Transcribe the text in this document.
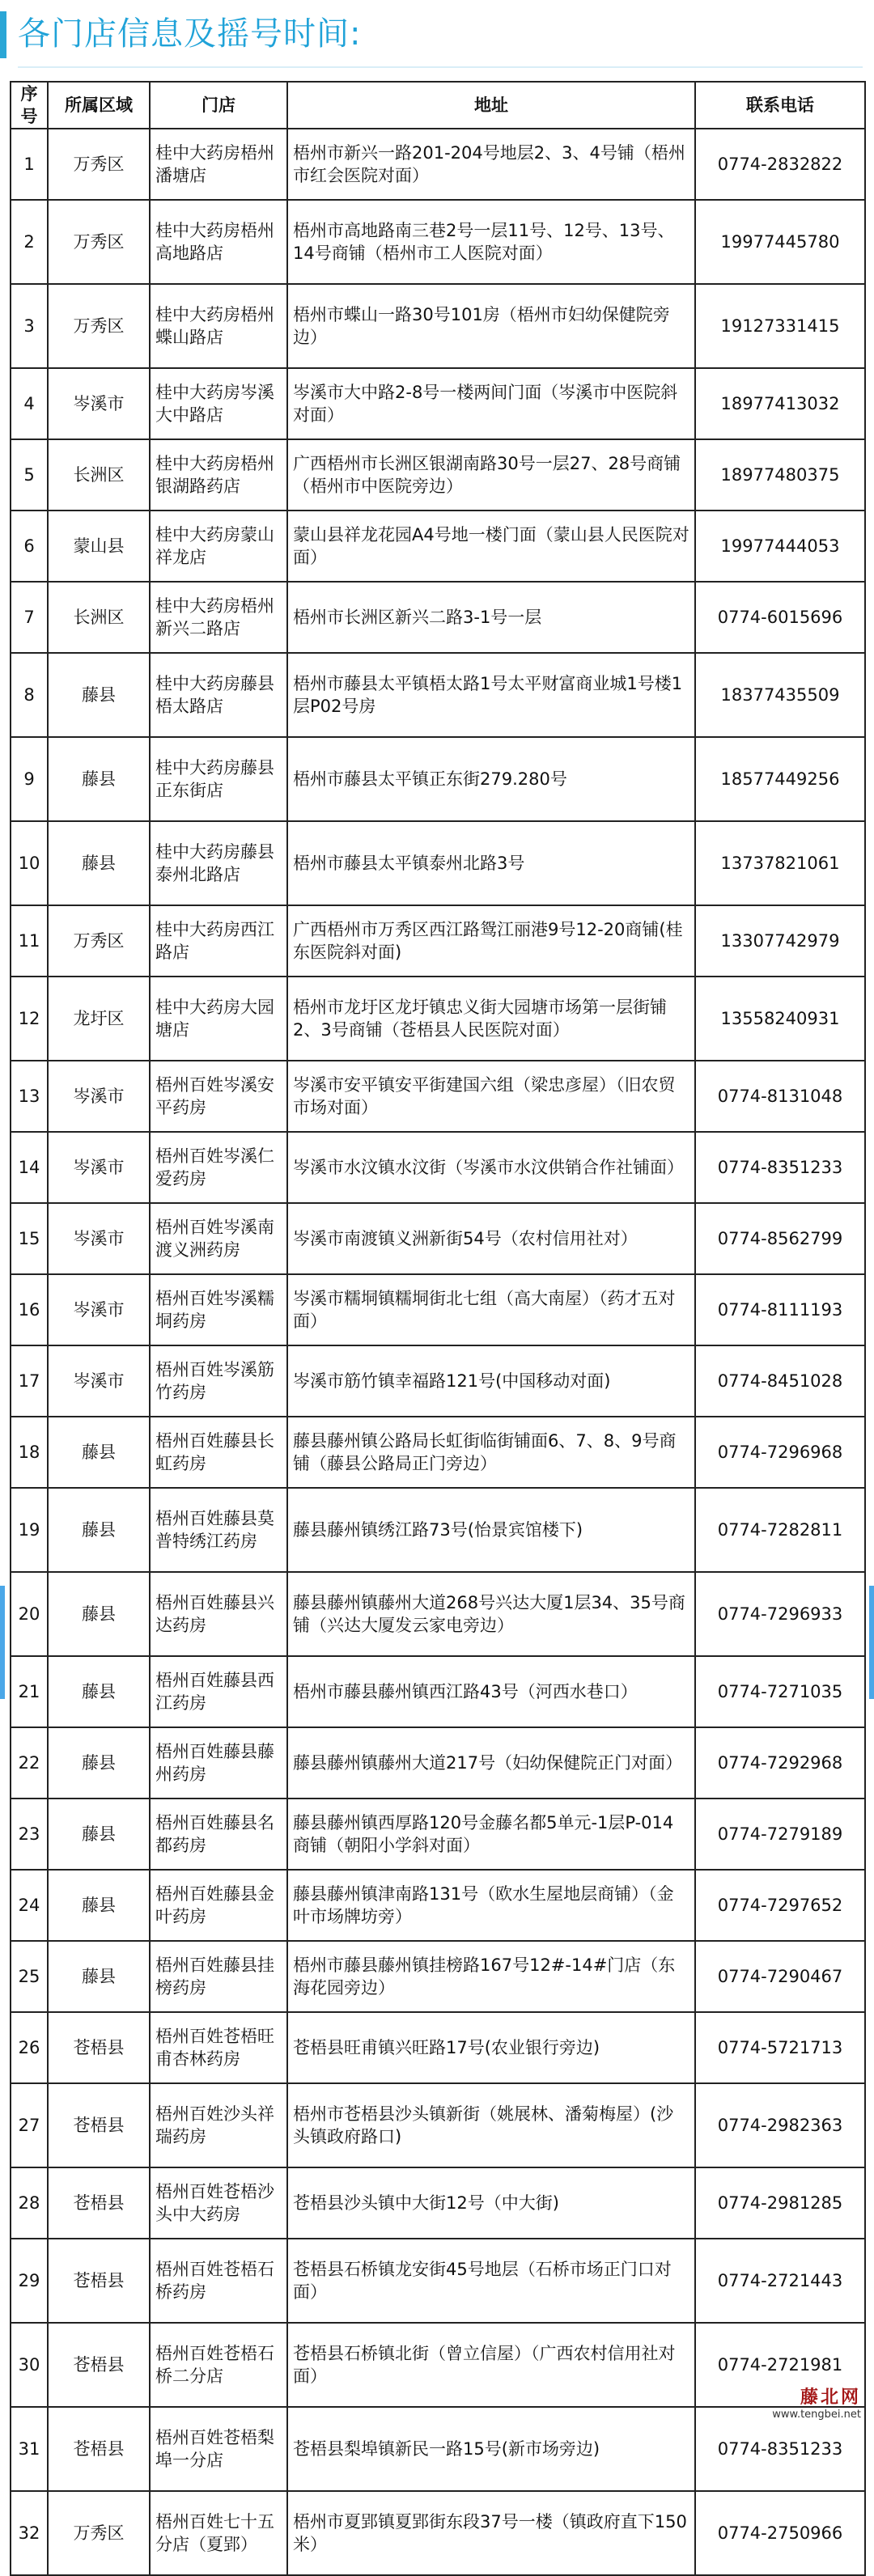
各门店信息及摇号时间:
序号	所属区域	门店	地址	联系电话
1	万秀区	桂中大药房梧州潘塘店	梧州市新兴一路201-204号地层2、3、4号铺（梧州市红会医院对面）	0774-2832822
2	万秀区	桂中大药房梧州高地路店	梧州市高地路南三巷2号一层11号、12号、13号、14号商铺（梧州市工人医院对面）	19977445780
3	万秀区	桂中大药房梧州蝶山路店	梧州市蝶山一路30号101房（梧州市妇幼保健院旁边）	19127331415
4	岑溪市	桂中大药房岑溪大中路店	岑溪市大中路2-8号一楼两间门面（岑溪市中医院斜对面）	18977413032
5	长洲区	桂中大药房梧州银湖路药店	广西梧州市长洲区银湖南路30号一层27、28号商铺（梧州市中医院旁边）	18977480375
6	蒙山县	桂中大药房蒙山祥龙店	蒙山县祥龙花园A4号地一楼门面（蒙山县人民医院对面）	19977444053
7	长洲区	桂中大药房梧州新兴二路店	梧州市长洲区新兴二路3-1号一层	0774-6015696
8	藤县	桂中大药房藤县梧太路店	梧州市藤县太平镇梧太路1号太平财富商业城1号楼1层P02号房	18377435509
9	藤县	桂中大药房藤县正东街店	梧州市藤县太平镇正东街279.280号	18577449256
10	藤县	桂中大药房藤县泰州北路店	梧州市藤县太平镇泰州北路3号	13737821061
11	万秀区	桂中大药房西江路店	广西梧州市万秀区西江路鸳江丽港9号12-20商铺(桂东医院斜对面)	13307742979
12	龙圩区	桂中大药房大园塘店	梧州市龙圩区龙圩镇忠义街大园塘市场第一层街铺2、3号商铺（苍梧县人民医院对面）	13558240931
13	岑溪市	梧州百姓岑溪安平药房	岑溪市安平镇安平街建国六组（梁忠彦屋）（旧农贸市场对面）	0774-8131048
14	岑溪市	梧州百姓岑溪仁爱药房	岑溪市水汶镇水汶街（岑溪市水汶供销合作社铺面）	0774-8351233
15	岑溪市	梧州百姓岑溪南渡义洲药房	岑溪市南渡镇义洲新街54号（农村信用社对）	0774-8562799
16	岑溪市	梧州百姓岑溪糯垌药房	岑溪市糯垌镇糯垌街北七组（高大南屋）（药才五对面）	0774-8111193
17	岑溪市	梧州百姓岑溪筋竹药房	岑溪市筋竹镇幸福路121号(中国移动对面)	0774-8451028
18	藤县	梧州百姓藤县长虹药房	藤县藤州镇公路局长虹街临街铺面6、7、8、9号商铺（藤县公路局正门旁边）	0774-7296968
19	藤县	梧州百姓藤县莫普特绣江药房	藤县藤州镇绣江路73号(怡景宾馆楼下)	0774-7282811
20	藤县	梧州百姓藤县兴达药房	藤县藤州镇藤州大道268号兴达大厦1层34、35号商铺（兴达大厦发云家电旁边）	0774-7296933
21	藤县	梧州百姓藤县西江药房	梧州市藤县藤州镇西江路43号（河西水巷口）	0774-7271035
22	藤县	梧州百姓藤县藤州药房	藤县藤州镇藤州大道217号（妇幼保健院正门对面）	0774-7292968
23	藤县	梧州百姓藤县名都药房	藤县藤州镇西厚路120号金藤名都5单元-1层P-014商铺（朝阳小学斜对面）	0774-7279189
24	藤县	梧州百姓藤县金叶药房	藤县藤州镇津南路131号（欧水生屋地层商铺）（金叶市场牌坊旁）	0774-7297652
25	藤县	梧州百姓藤县挂榜药房	梧州市藤县藤州镇挂榜路167号12#-14#门店（东海花园旁边）	0774-7290467
26	苍梧县	梧州百姓苍梧旺甫杏林药房	苍梧县旺甫镇兴旺路17号(农业银行旁边)	0774-5721713
27	苍梧县	梧州百姓沙头祥瑞药房	梧州市苍梧县沙头镇新街（姚展林、潘菊梅屋）(沙头镇政府路口)	0774-2982363
28	苍梧县	梧州百姓苍梧沙头中大药房	苍梧县沙头镇中大街12号（中大街)	0774-2981285
29	苍梧县	梧州百姓苍梧石桥药房	苍梧县石桥镇龙安街45号地层（石桥市场正门口对面）	0774-2721443
30	苍梧县	梧州百姓苍梧石桥二分店	苍梧县石桥镇北街（曾立信屋）（广西农村信用社对面）	0774-2721981
31	苍梧县	梧州百姓苍梧梨埠一分店	苍梧县梨埠镇新民一路15号(新市场旁边)	0774-8351233
32	万秀区	梧州百姓七十五分店（夏郢）	梧州市夏郢镇夏郢街东段37号一楼（镇政府直下150米）	0774-2750966
藤北网
www.tengbei.net
